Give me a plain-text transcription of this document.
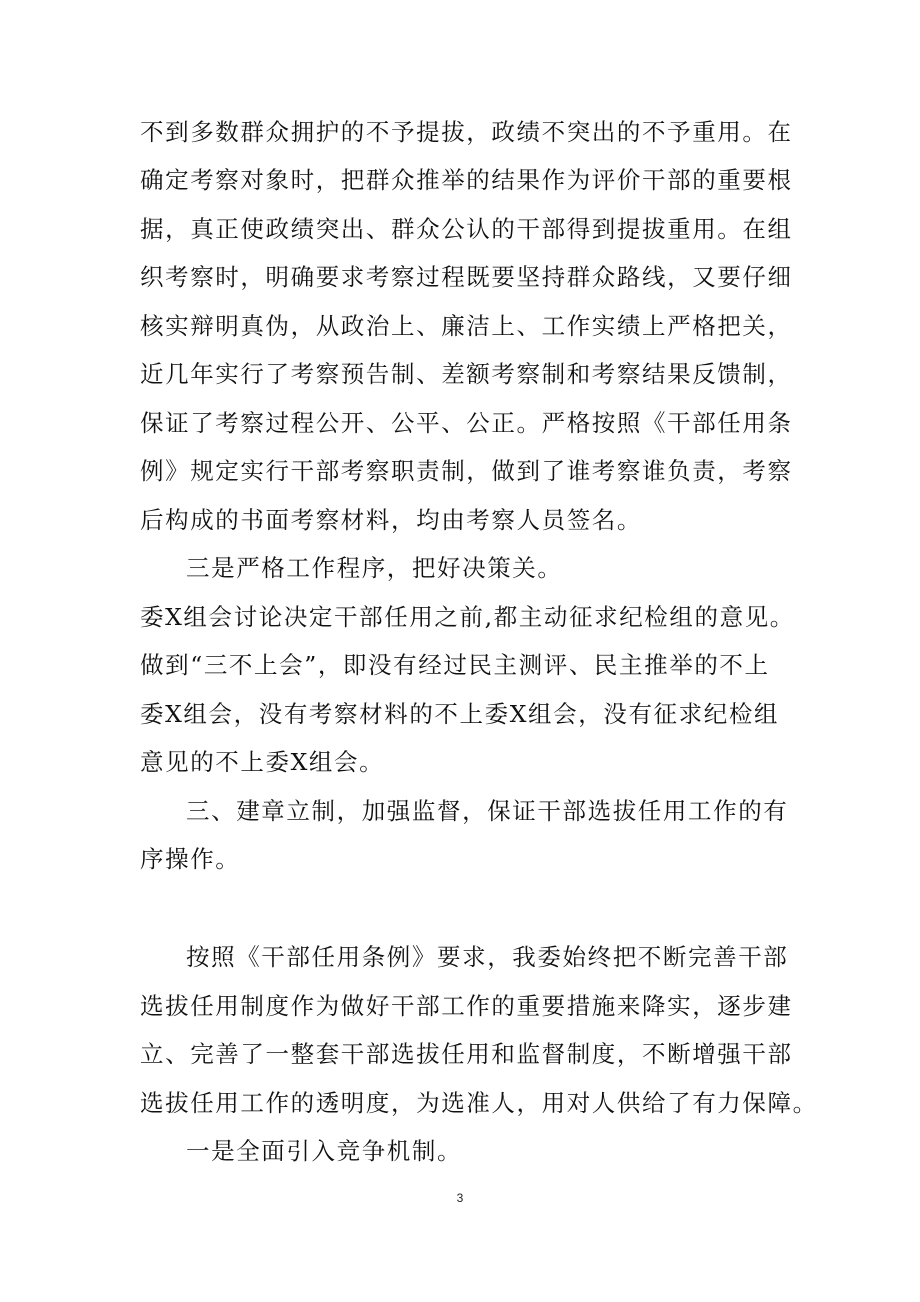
不到多数群众拥护的不予提拔，政绩不突出的不予重用。在
确定考察对象时，把群众推举的结果作为评价干部的重要根
据，真正使政绩突出、群众公认的干部得到提拔重用。在组
织考察时，明确要求考察过程既要坚持群众路线，又要仔细
核实辩明真伪，从政治上、廉洁上、工作实绩上严格把关，
近几年实行了考察预告制、差额考察制和考察结果反馈制，
保证了考察过程公开、公平、公正。严格按照《干部任用条
例》规定实行干部考察职责制，做到了谁考察谁负责，考察
后构成的书面考察材料，均由考察人员签名。
三是严格工作程序，把好决策关。
委Ⅹ组会讨论决定干部任用之前,都主动征求纪检组的意见。
做到“三不上会”，即没有经过民主测评、民主推举的不上
委Ⅹ组会，没有考察材料的不上委Ⅹ组会，没有征求纪检组
意见的不上委Ⅹ组会。
三、建章立制，加强监督，保证干部选拔任用工作的有
序操作。
按照《干部任用条例》要求，我委始终把不断完善干部
选拔任用制度作为做好干部工作的重要措施来降实，逐步建
立、完善了一整套干部选拔任用和监督制度，不断增强干部
选拔任用工作的透明度，为选准人，用对人供给了有力保障。
一是全面引入竞争机制。
3
